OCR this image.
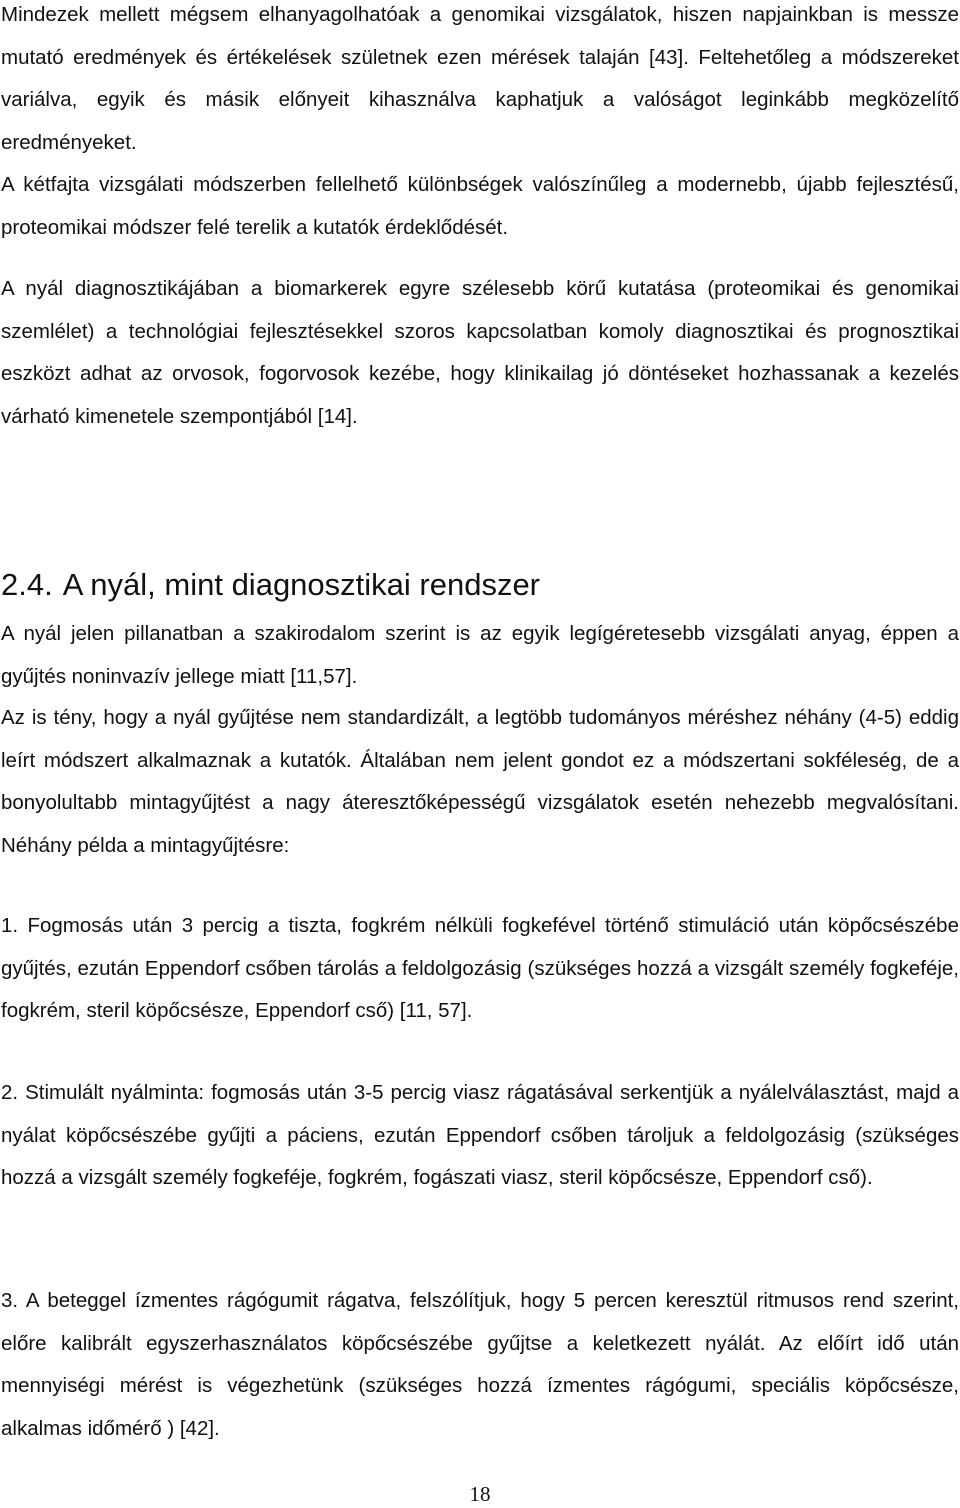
Mindezek mellett mégsem elhanyagolhatóak a genomikai vizsgálatok, hiszen napjainkban is messze mutató eredmények és értékelések születnek ezen mérések talaján [43]. Feltehetőleg a módszereket variálva, egyik és másik előnyeit kihasználva kaphatjuk a valóságot leginkább megközelítő eredményeket.

A kétfajta vizsgálati módszerben fellelhető különbségek valószínűleg a modernebb, újabb fejlesztésű, proteomikai módszer felé terelik a kutatók érdeklődését.

A nyál diagnosztikájában a biomarkerek egyre szélesebb körű kutatása (proteomikai és genomikai szemlélet) a technológiai fejlesztésekkel szoros kapcsolatban komoly diagnosztikai és prognosztikai eszközt adhat az orvosok, fogorvosok kezébe, hogy klinikailag jó döntéseket hozhassanak a kezelés várható kimenetele szempontjából [14].

2.4. A nyál, mint diagnosztikai rendszer

A nyál jelen pillanatban a szakirodalom szerint is az egyik legígéretesebb vizsgálati anyag, éppen a gyűjtés noninvazív jellege miatt [11,57].

Az is tény, hogy a nyál gyűjtése nem standardizált, a legtöbb tudományos méréshez néhány (4-5) eddig leírt módszert alkalmaznak a kutatók. Általában nem jelent gondot ez a módszertani sokféleség, de a bonyolultabb mintagyűjtést a nagy áteresztőképességű vizsgálatok esetén nehezebb megvalósítani. Néhány példa a mintagyűjtésre:

1. Fogmosás után 3 percig a tiszta, fogkrém nélküli fogkefével történő stimuláció után köpőcsészébe gyűjtés, ezután Eppendorf csőben tárolás a feldolgozásig (szükséges hozzá a vizsgált személy fogkeféje, fogkrém, steril köpőcsésze, Eppendorf cső) [11, 57].

2. Stimulált nyálminta: fogmosás után 3-5 percig viasz rágatásával serkentjük a nyálelválasztást, majd a nyálat köpőcsészébe gyűjti a páciens, ezután Eppendorf csőben tároljuk a feldolgozásig (szükséges hozzá a vizsgált személy fogkeféje, fogkrém, fogászati viasz, steril köpőcsésze, Eppendorf cső).

3. A beteggel ízmentes rágógumit rágatva, felszólítjuk, hogy 5 percen keresztül ritmusos rend szerint, előre kalibrált egyszerhasználatos köpőcsészébe gyűjtse a keletkezett nyálát. Az előírt idő után mennyiségi mérést is végezhetünk (szükséges hozzá ízmentes rágógumi, speciális köpőcsésze, alkalmas időmérő ) [42].

18
